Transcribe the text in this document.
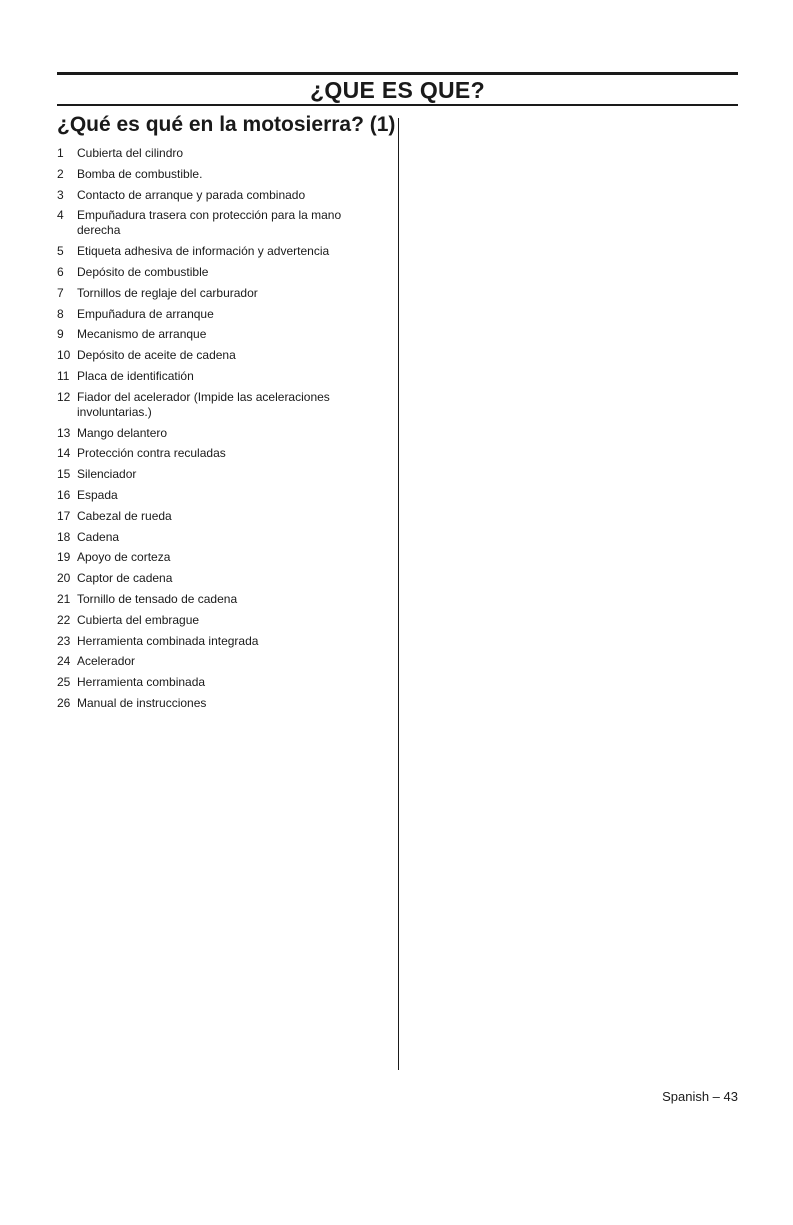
¿QUE ES QUE?
¿Qué es qué en la motosierra? (1)
1	Cubierta del cilindro
2	Bomba de combustible.
3	Contacto de arranque y parada combinado
4	Empuñadura trasera con protección para la mano derecha
5	Etiqueta adhesiva de información y advertencia
6	Depósito de combustible
7	Tornillos de reglaje del carburador
8	Empuñadura de arranque
9	Mecanismo de arranque
10 Depósito de aceite de cadena
11 Placa de identificatión
12 Fiador del acelerador (Impide las aceleraciones involuntarias.)
13 Mango delantero
14 Protección contra reculadas
15 Silenciador
16 Espada
17 Cabezal de rueda
18 Cadena
19 Apoyo de corteza
20 Captor de cadena
21 Tornillo de tensado de cadena
22 Cubierta del embrague
23 Herramienta combinada integrada
24 Acelerador
25 Herramienta combinada
26 Manual de instrucciones
Spanish – 43
